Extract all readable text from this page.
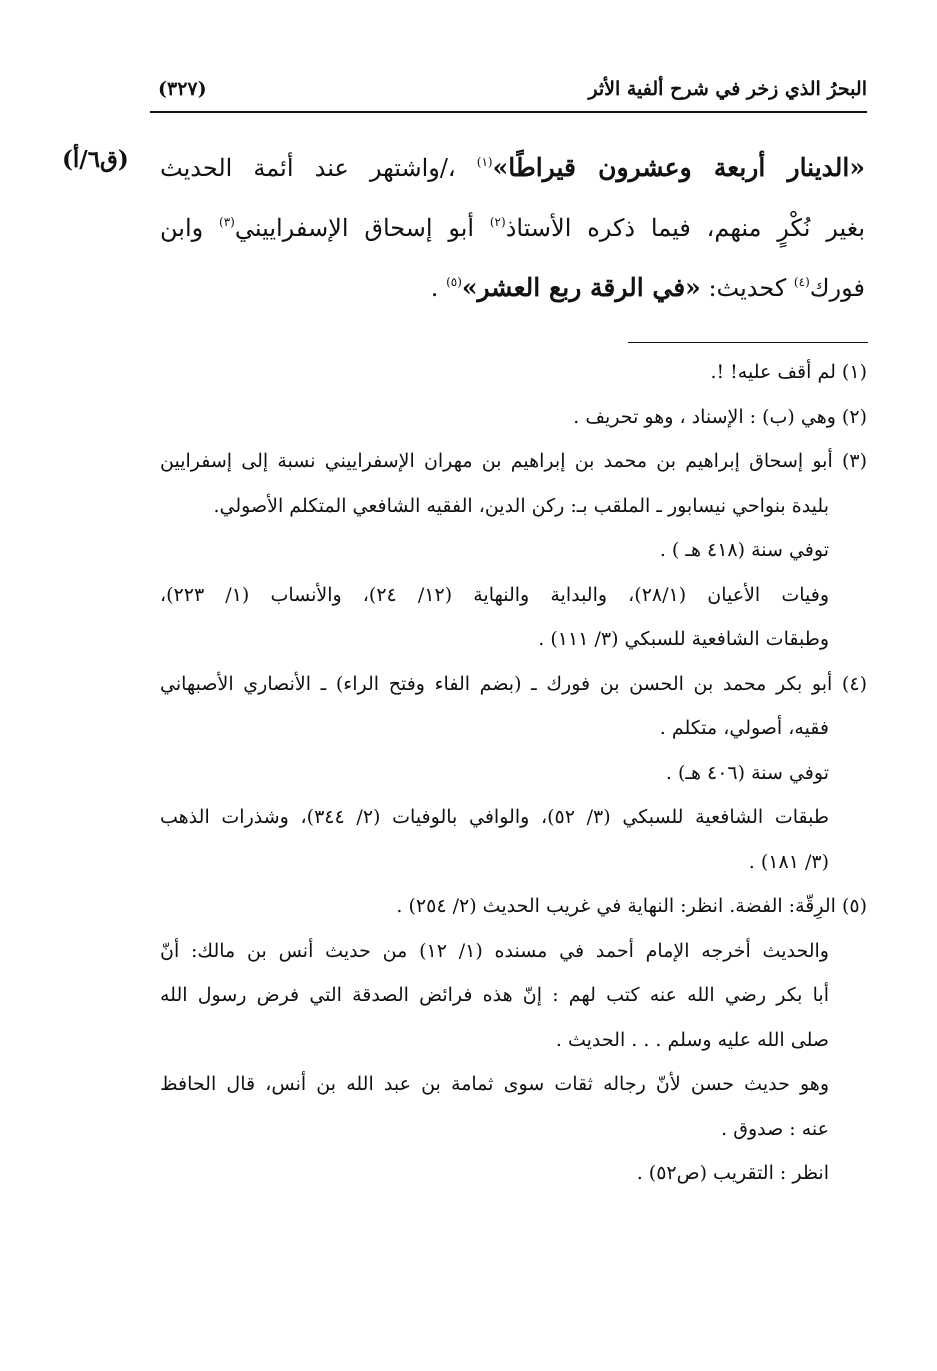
البحرُ الذي زخر في شرح ألفية الأثر
(٣٢٧)
(ق٦/أ)	«الدينار أربعة وعشرون قيراطًا»$^{(١)}$ ،/واشتهر عند أئمة الحديث
بغير نُكْرٍ منهم، فيما ذكره الأستاذ$^{(٢)}$ أبو إسحاق الإسفراييني$^{(٣)}$ وابن
فورك$^{(٤)}$ كحديث: «في الرقة ربع العشر»$^{(٥)}$ .
(١) لم أقف عليه! !.
(٢) وهي (ب) : الإسناد ، وهو تحريف .
(٣) أبو إسحاق إبراهيم بن محمد بن إبراهيم بن مهران الإسفراييني نسبة إلى إسفرايين
بليدة بنواحي نيسابور ـ الملقب بـ: ركن الدين، الفقيه الشافعي المتكلم الأصولي.
توفي سنة (٤١٨ هـ ) .
وفيات الأعيان (٢٨/١)، والبداية والنهاية (١٢/ ٢٤)، والأنساب (١/ ٢٢٣)،
وطبقات الشافعية للسبكي (٣/ ١١١) .
(٤) أبو بكر محمد بن الحسن بن فورك ـ (بضم الفاء وفتح الراء) ـ الأنصاري الأصبهاني
فقيه، أصولي، متكلم .
توفي سنة (٤٠٦ هـ) .
طبقات الشافعية للسبكي (٣/ ٥٢)، والوافي بالوفيات (٢/ ٣٤٤)، وشذرات الذهب
(٣/ ١٨١) .
(٥) الرِقّة: الفضة. انظر: النهاية في غريب الحديث (٢/ ٢٥٤) .
والحديث أخرجه الإمام أحمد في مسنده (١/ ١٢) من حديث أنس بن مالك: أنّ
أبا بكر رضي الله عنه كتب لهم : إنّ هذه فرائض الصدقة التي فرض رسول الله
صلى الله عليه وسلم . . . الحديث .
وهو حديث حسن لأنّ رجاله ثقات سوى ثمامة بن عبد الله بن أنس، قال الحافظ
عنه : صدوق .
انظر : التقريب (ص٥٢) .
